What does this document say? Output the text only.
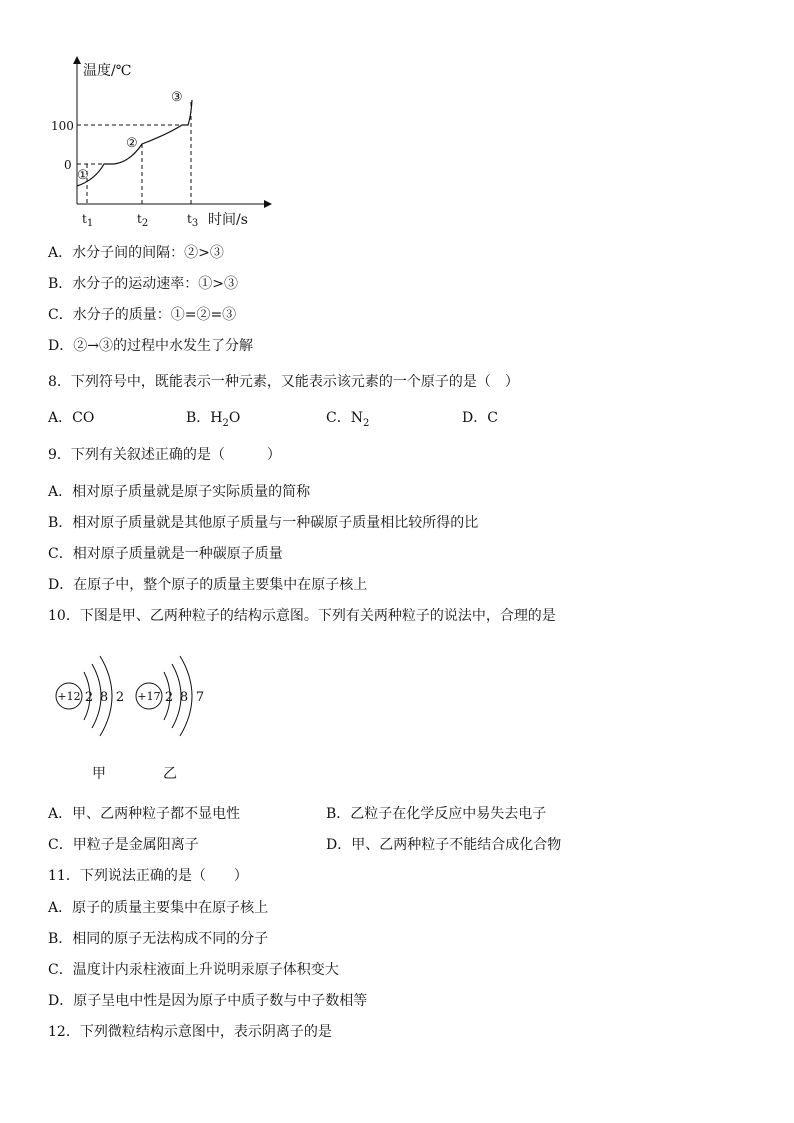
温度/℃
时间/s
100
0
①
②
③
$t_1$	$t_2$	$t_3$
A．水分子间的间隔：②>③
B．水分子的运动速率：①>③
C．水分子的质量：①=②=③
D．②→③的过程中水发生了分解
8．下列符号中，既能表示一种元素，又能表示该元素的一个原子的是（　）
A．CO	B．$H_2O$	C．$N_2$	D．C
9．下列有关叙述正确的是（　　　）
A．相对原子质量就是原子实际质量的简称
B．相对原子质量就是其他原子质量与一种碳原子质量相比较所得的比
C．相对原子质量就是一种碳原子质量
D．在原子中，整个原子的质量主要集中在原子核上
10．下图是甲、乙两种粒子的结构示意图。下列有关两种粒子的说法中，合理的是
+12 2 8 2 +17 2 8 7
甲	乙
A．甲、乙两种粒子都不显电性	B．乙粒子在化学反应中易失去电子
C．甲粒子是金属阳离子	D．甲、乙两种粒子不能结合成化合物
11．下列说法正确的是（　　）
A．原子的质量主要集中在原子核上
B．相同的原子无法构成不同的分子
C．温度计内汞柱液面上升说明汞原子体积变大
D．原子呈电中性是因为原子中质子数与中子数相等
12．下列微粒结构示意图中，表示阴离子的是
